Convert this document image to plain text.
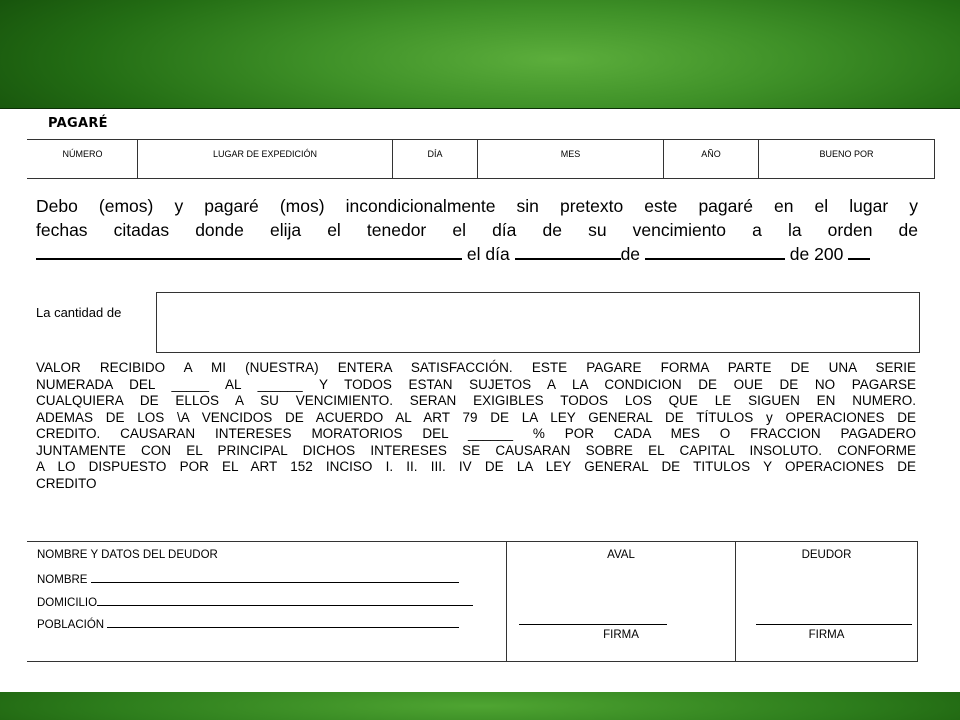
PAGARÉ
NÚMERO	LUGAR DE EXPEDICIÓN	DÍA	MES	AÑO	BUENO POR
Debo (emos) y pagaré (mos) incondicionalmente sin pretexto este pagaré en el lugar y
fechas citadas donde elija el tenedor el día de su vencimiento a la orden de
el día	de	de 200
La cantidad de
VALOR RECIBIDO A MI (NUESTRA) ENTERA SATISFACCIÓN. ESTE PAGARE FORMA PARTE DE UNA SERIE
NUMERADA DEL _____ AL ______ Y TODOS ESTAN SUJETOS A LA CONDICION DE OUE DE NO PAGARSE
CUALQUIERA DE ELLOS A SU VENCIMIENTO. SERAN EXIGIBLES TODOS LOS QUE LE SIGUEN EN NUMERO.
ADEMAS DE LOS \A VENCIDOS DE ACUERDO AL ART 79 DE LA LEY GENERAL DE TÍTULOS y OPERACIONES DE
CREDITO. CAUSARAN INTERESES MORATORIOS DEL ______ % POR CADA MES O FRACCION PAGADERO
JUNTAMENTE CON EL PRINCIPAL DICHOS INTERESES SE CAUSARAN SOBRE EL CAPITAL INSOLUTO. CONFORME
A LO DISPUESTO POR EL ART 152 INCISO I. II. III. IV DE LA LEY GENERAL DE TITULOS Y OPERACIONES DE
CREDITO
NOMBRE Y DATOS DEL DEUDOR
NOMBRE
DOMICILIO
POBLACIÓN

AVAL
FIRMA

DEUDOR
FIRMA
